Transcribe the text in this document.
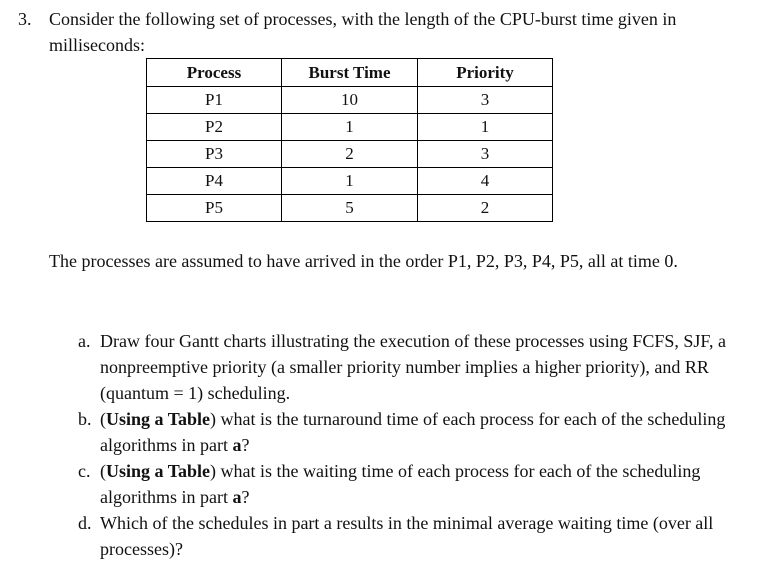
3. Consider the following set of processes, with the length of the CPU-burst time given in milliseconds:
Process	Burst Time	Priority
P1	10	3
P2	1	1
P3	2	3
P4	1	4
P5	5	2
The processes are assumed to have arrived in the order P1, P2, P3, P4, P5, all at time 0.
a. Draw four Gantt charts illustrating the execution of these processes using FCFS, SJF, a nonpreemptive priority (a smaller priority number implies a higher priority), and RR (quantum = 1) scheduling.
b. (Using a Table) what is the turnaround time of each process for each of the scheduling algorithms in part a?
c. (Using a Table) what is the waiting time of each process for each of the scheduling algorithms in part a?
d. Which of the schedules in part a results in the minimal average waiting time (over all processes)?
